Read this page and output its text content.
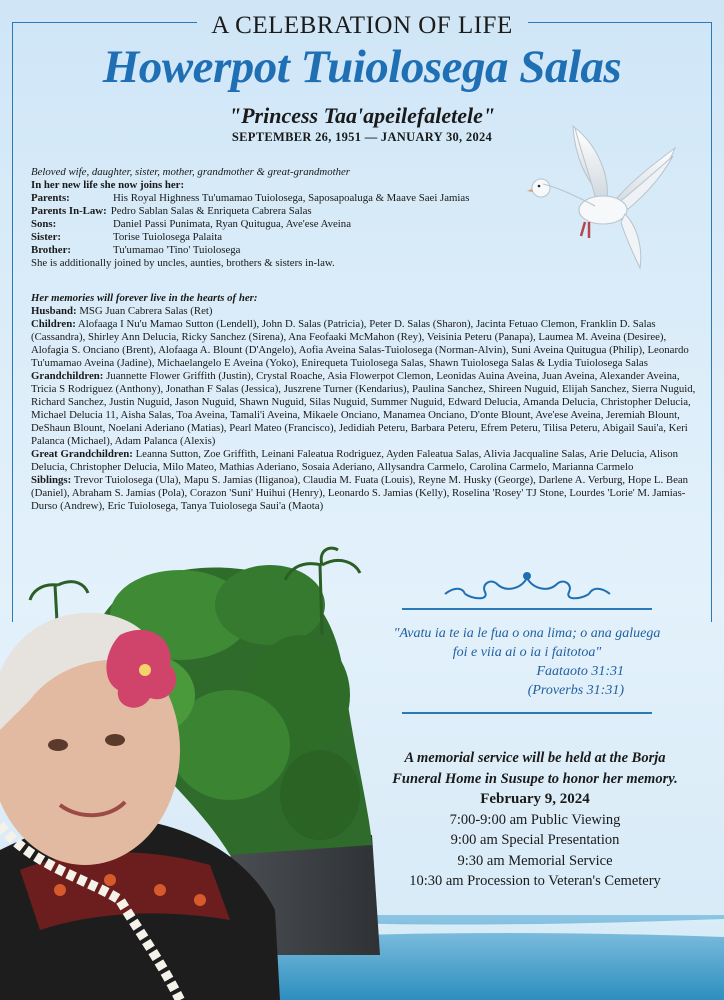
A CELEBRATION OF LIFE
Howerpot Tuiolosega Salas
"Princess Taa'apeilefaletele"
SEPTEMBER 26, 1951 — JANUARY 30, 2024
Beloved wife, daughter, sister, mother, grandmother & great-grandmother
In her new life she now joins her:
Parents:	His Royal Highness Tu'umamao Tuiolosega, Saposapoaluga & Maave Saei Jamias
Parents In-Law: Pedro Sablan Salas & Enriqueta Cabrera Salas
Sons:	Daniel Passi Punimata, Ryan Quitugua, Ave'ese Aveina
Sister:	Torise Tuiolosega Palaita
Brother:	Tu'umamao 'Tino' Tuiolosega
She is additionally joined by uncles, aunties, brothers & sisters in-law.

Her memories will forever live in the hearts of her:

Husband: MSG Juan Cabrera Salas (Ret)

Children: Alofaaga I Nu'u Mamao Sutton (Lendell), John D. Salas (Patricia), Peter D. Salas (Sharon), Jacinta Fetuao Clemon, Franklin D. Salas (Cassandra), Shirley Ann Delucia, Ricky Sanchez (Sirena), Ana Feofaaki McMahon (Rey), Veisinia Peteru (Panapa), Laumea M. Aveina (Desiree), Alofagia S. Onciano (Brent), Alofaaga A. Blount (D'Angelo), Aofia Aveina Salas-Tuiolosega (Norman-Alvin), Suni Aveina Quitugua (Philip), Leonardo Tu'umamao Aveina (Jadine), Michaelangelo E Aveina (Yoko), Enirequeta Tuiolosega Salas, Shawn Tuiolosega Salas & Lydia Tuiolosega Salas

Grandchildren: Juannette Flower Griffith (Justin), Crystal Roache, Asia Flowerpot Clemon, Leonidas Auina Aveina, Juan Aveina, Alexander Aveina, Tricia S Rodriguez (Anthony), Jonathan F Salas (Jessica), Juszrene Turner (Kendarius), Paulina Sanchez, Shireen Nuguid, Elijah Sanchez, Sierra Nuguid, Richard Sanchez, Justin Nuguid, Jason Nuguid, Shawn Nuguid, Silas Nuguid, Summer Nuguid, Edward Delucia, Amanda Delucia, Christopher Delucia, Michael Delucia 11, Aisha Salas, Toa Aveina, Tamali'i Aveina, Mikaele Onciano, Manamea Onciano, D'onte Blount, Ave'ese Aveina, Jeremiah Blount, DeShaun Blount, Noelani Aderiano (Matias), Pearl Mateo (Francisco), Jedidiah Peteru, Barbara Peteru, Efrem Peteru, Tilisa Peteru, Abigail Saui'a, Keri Palanca (Michael), Adam Palanca (Alexis)

Great Grandchildren: Leanna Sutton, Zoe Griffith, Leinani Faleatua Rodriguez, Ayden Faleatua Salas, Alivia Jacqualine Salas, Arie Delucia, Alison Delucia, Christopher Delucia, Milo Mateo, Mathias Aderiano, Sosaia Aderiano, Allysandra Carmelo, Carolina Carmelo, Marianna Carmelo

Siblings: Trevor Tuiolosega (Ula), Mapu S. Jamias (Iliganoa), Claudia M. Fuata (Louis), Reyne M. Husky (George), Darlene A. Verburg, Hope L. Bean (Daniel), Abraham S. Jamias (Pola), Corazon 'Suni' Huihui (Henry), Leonardo S. Jamias (Kelly), Roselina 'Rosey' TJ Stone, Lourdes 'Lorie' M. Jamias-Durso (Andrew), Eric Tuiolosega, Tanya Tuiolosega Saui'a (Maota)

"Avatu ia te ia le fua o ona lima; o ana galuega foi e viia ai o ia i faitotoa"
Faataoto 31:31
(Proverbs 31:31)
A memorial service will be held at the Borja Funeral Home in Susupe to honor her memory.
February 9, 2024
7:00-9:00 am Public Viewing
9:00 am Special Presentation
9:30 am Memorial Service
10:30 am Procession to Veteran's Cemetery
